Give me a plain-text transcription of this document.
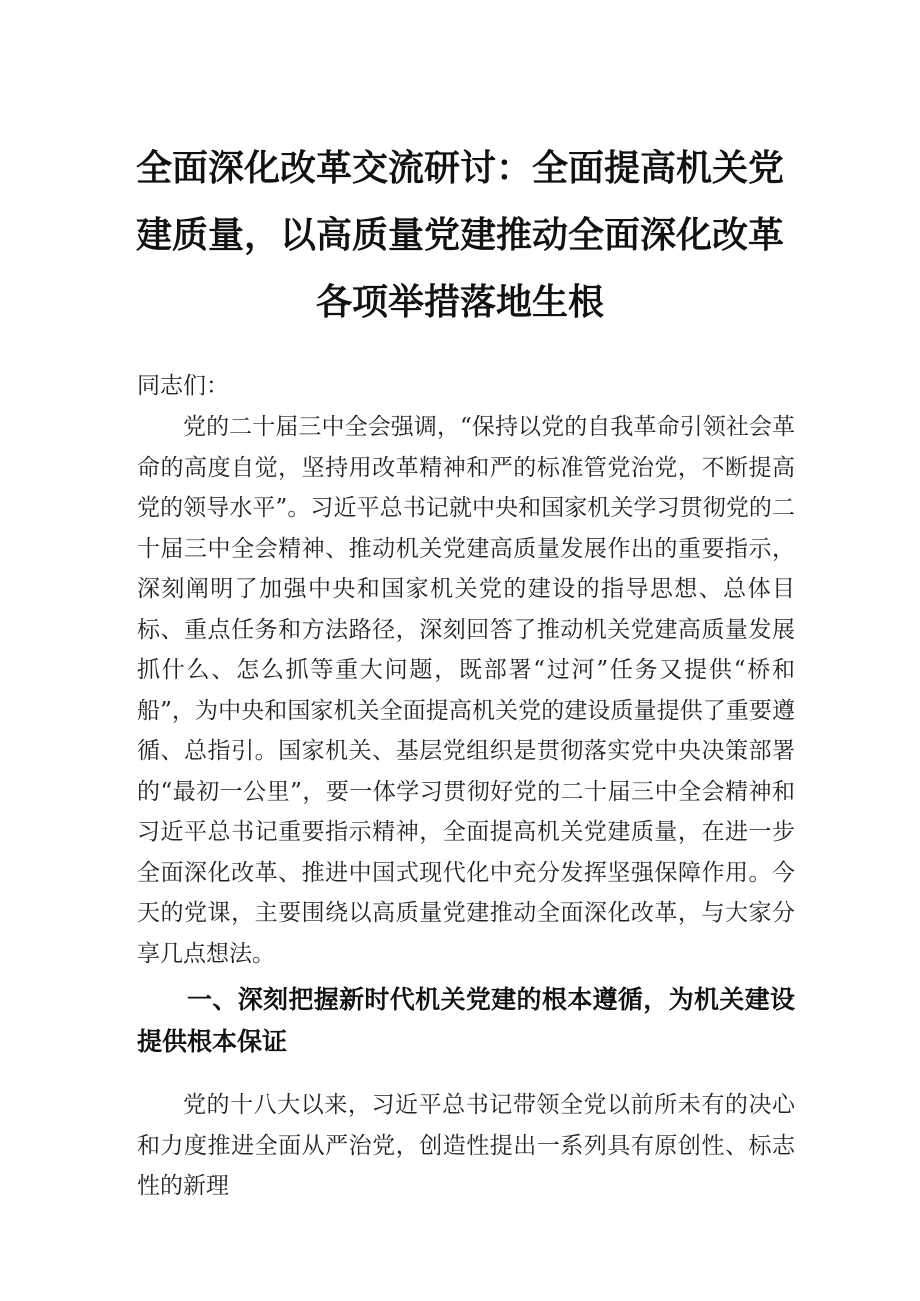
全面深化改革交流研讨：全面提高机关党
建质量，以高质量党建推动全面深化改革
各项举措落地生根

同志们：

党的二十届三中全会强调，“保持以党的自我革命引领社会革命的高度自觉，坚持用改革精神和严的标准管党治党，不断提高党的领导水平”。习近平总书记就中央和国家机关学习贯彻党的二十届三中全会精神、推动机关党建高质量发展作出的重要指示，深刻阐明了加强中央和国家机关党的建设的指导思想、总体目标、重点任务和方法路径，深刻回答了推动机关党建高质量发展抓什么、怎么抓等重大问题，既部署“过河”任务又提供“桥和船”，为中央和国家机关全面提高机关党的建设质量提供了重要遵循、总指引。国家机关、基层党组织是贯彻落实党中央决策部署的“最初一公里”，要一体学习贯彻好党的二十届三中全会精神和习近平总书记重要指示精神，全面提高机关党建质量，在进一步全面深化改革、推进中国式现代化中充分发挥坚强保障作用。今天的党课，主要围绕以高质量党建推动全面深化改革，与大家分享几点想法。

一、深刻把握新时代机关党建的根本遵循，为机关建设提供根本保证

党的十八大以来，习近平总书记带领全党以前所未有的决心和力度推进全面从严治党，创造性提出一系列具有原创性、标志性的新理
